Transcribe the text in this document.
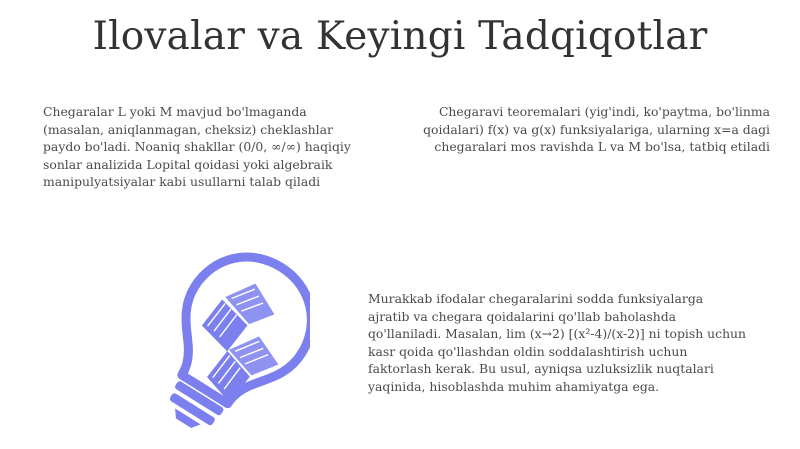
Ilovalar va Keyingi Tadqiqotlar

Chegaralar L yoki M mavjud bo'lmaganda (masalan, aniqlanmagan, cheksiz) cheklashlar paydo bo'ladi. Noaniq shakllar (0/0, ∞/∞) haqiqiy sonlar analizida Lopital qoidasi yoki algebraik manipulyatsiyalar kabi usullarni talab qiladi

Chegaravi teoremalari (yig'indi, ko'paytma, bo'linma qoidalari) f(x) va g(x) funksiyalariga, ularning x=a dagi chegaralari mos ravishda L va M bo'lsa, tatbiq etiladi

Murakkab ifodalar chegaralarini sodda funksiyalarga ajratib va chegara qoidalarini qo'llab baholashda qo'llaniladi. Masalan, lim (x→2) [(x²-4)/(x-2)] ni topish uchun kasr qoida qo'llashdan oldin soddalashtirish uchun faktorlash kerak. Bu usul, ayniqsa uzluksizlik nuqtalari yaqinida, hisoblashda muhim ahamiyatga ega.
